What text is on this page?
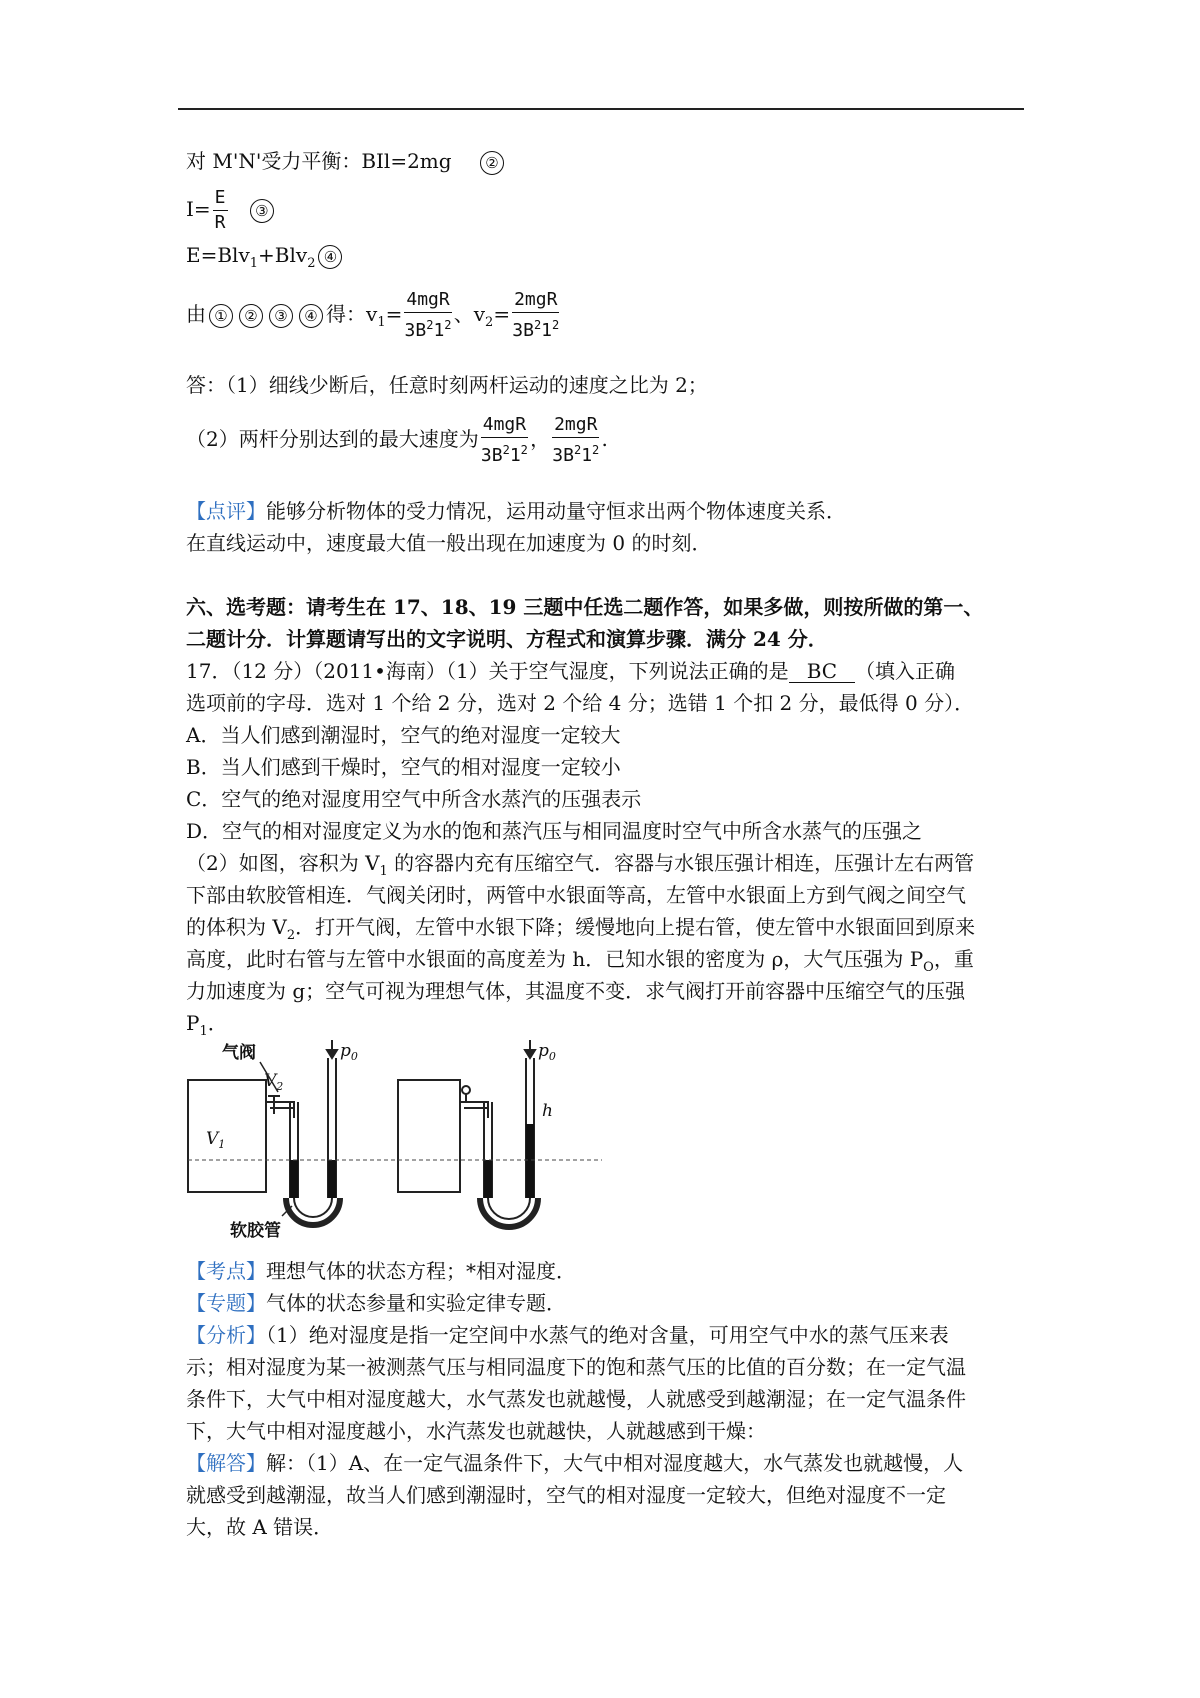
对 M'N'受力平衡：BIl=2mg ②
$I= \frac{E}{R}$ ③
E=Blv$_1$+Blv$_2$ ④
由 ① ② ③ ④ 得：$v_1= \frac{\text{4mgR}}{3B^21^2}$ 、$v_2= \frac{\text{2mgR}}{3B^21^2}$
答：（1）细线少断后，任意时刻两杆运动的速度之比为 2；
（2）两杆分别达到的最大速度为 $\frac{\text{4mgR}}{3B^21^2}$ ， $\frac{\text{2mgR}}{3B^21^2}$ .
【点评】能够分析物体的受力情况，运用动量守恒求出两个物体速度关系．
在直线运动中，速度最大值一般出现在加速度为 0 的时刻．
六、选考题：请考生在 17、18、19 三题中任选二题作答，如果多做，则按所做的第一、
二题计分．计算题请写出的文字说明、方程式和演算步骤．满分 24 分．
17．（12 分）（2011•海南）（1）关于空气湿度，下列说法正确的是 BC （填入正确
选项前的字母．选对 1 个给 2 分，选对 2 个给 4 分；选错 1 个扣 2 分，最低得 0 分）．
A．当人们感到潮湿时，空气的绝对湿度一定较大
B．当人们感到干燥时，空气的相对湿度一定较小
C．空气的绝对湿度用空气中所含水蒸汽的压强表示
D．空气的相对湿度定义为水的饱和蒸汽压与相同温度时空气中所含水蒸气的压强之
（2）如图，容积为 $V_1$ 的容器内充有压缩空气．容器与水银压强计相连，压强计左右两管
下部由软胶管相连．气阀关闭时，两管中水银面等高，左管中水银面上方到气阀之间空气
的体积为 $V_2$．打开气阀，左管中水银下降；缓慢地向上提右管，使左管中水银面回到原来
高度，此时右管与左管中水银面的高度差为 h．已知水银的密度为 ρ，大气压强为 $P_O$，重
力加速度为 g；空气可视为理想气体，其温度不变．求气阀打开前容器中压缩空气的压强
$P_1$．
$V_1$
$V_2$
$p_0$	$p_0$
h
气阀
软胶管
【考点】理想气体的状态方程；*相对湿度．
【专题】气体的状态参量和实验定律专题．
【分析】（1）绝对湿度是指一定空间中水蒸气的绝对含量，可用空气中水的蒸气压来表
示；相对湿度为某一被测蒸气压与相同温度下的饱和蒸气压的比值的百分数；在一定气温
条件下，大气中相对湿度越大，水气蒸发也就越慢，人就感受到越潮湿；在一定气温条件
下，大气中相对湿度越小，水汽蒸发也就越快，人就越感到干燥：
【解答】解：（1）A、在一定气温条件下，大气中相对湿度越大，水气蒸发也就越慢，人
就感受到越潮湿，故当人们感到潮湿时，空气的相对湿度一定较大，但绝对湿度不一定
大，故 A 错误．
